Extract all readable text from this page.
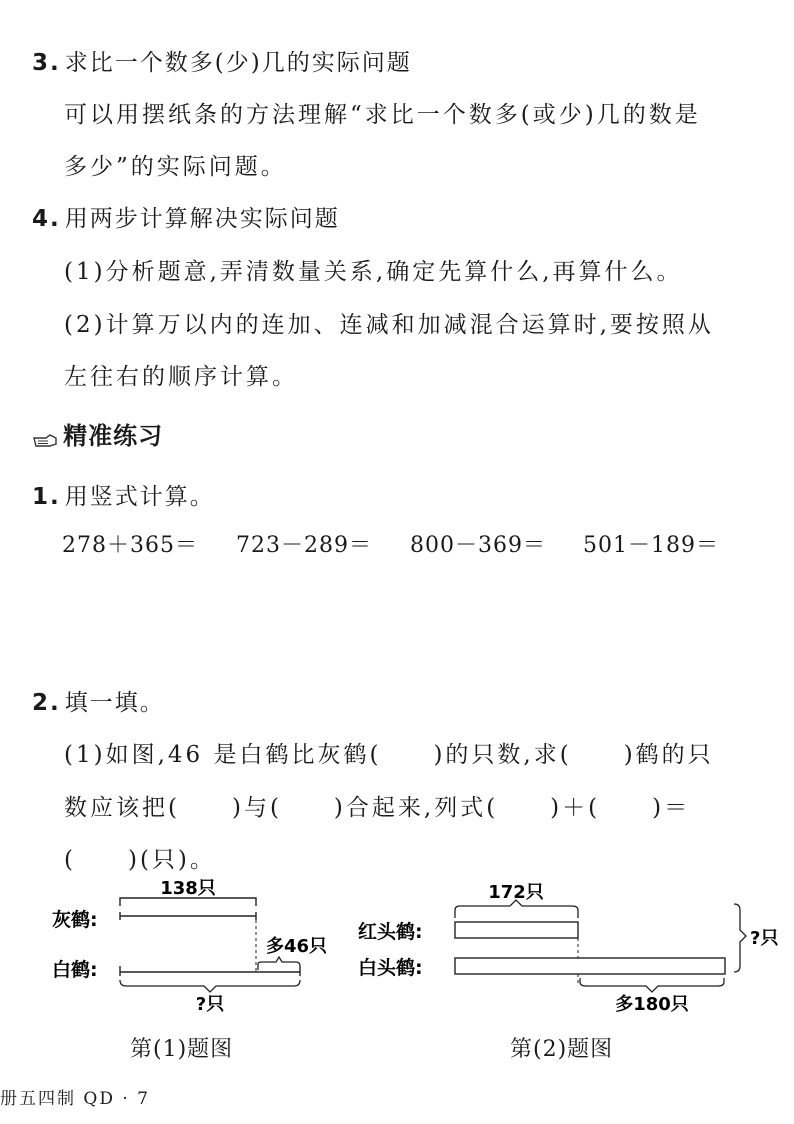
3. 求比一个数多(少)几的实际问题
可以用摆纸条的方法理解“求比一个数多(或少)几的数是
多少”的实际问题。
4. 用两步计算解决实际问题
(1)分析题意,弄清数量关系,确定先算什么,再算什么。
(2)计算万以内的连加、连减和加减混合运算时,要按照从
左往右的顺序计算。
精准练习
1. 用竖式计算。
278＋365＝ 723－289＝ 800－369＝ 501－189＝
2. 填一填。
(1)如图,46 是白鹤比灰鹤(　　)的只数,求(　　)鹤的只
数应该把(　　)与(　　)合起来,列式(　　)＋(　　)＝
(　　)(只)。
灰鹤:
白鹤:
138只
多46只
?只
红头鹤:
白头鹤:
172只
多180只
?只
第(1)题图	第(2)题图
册五四制 QD · 7
